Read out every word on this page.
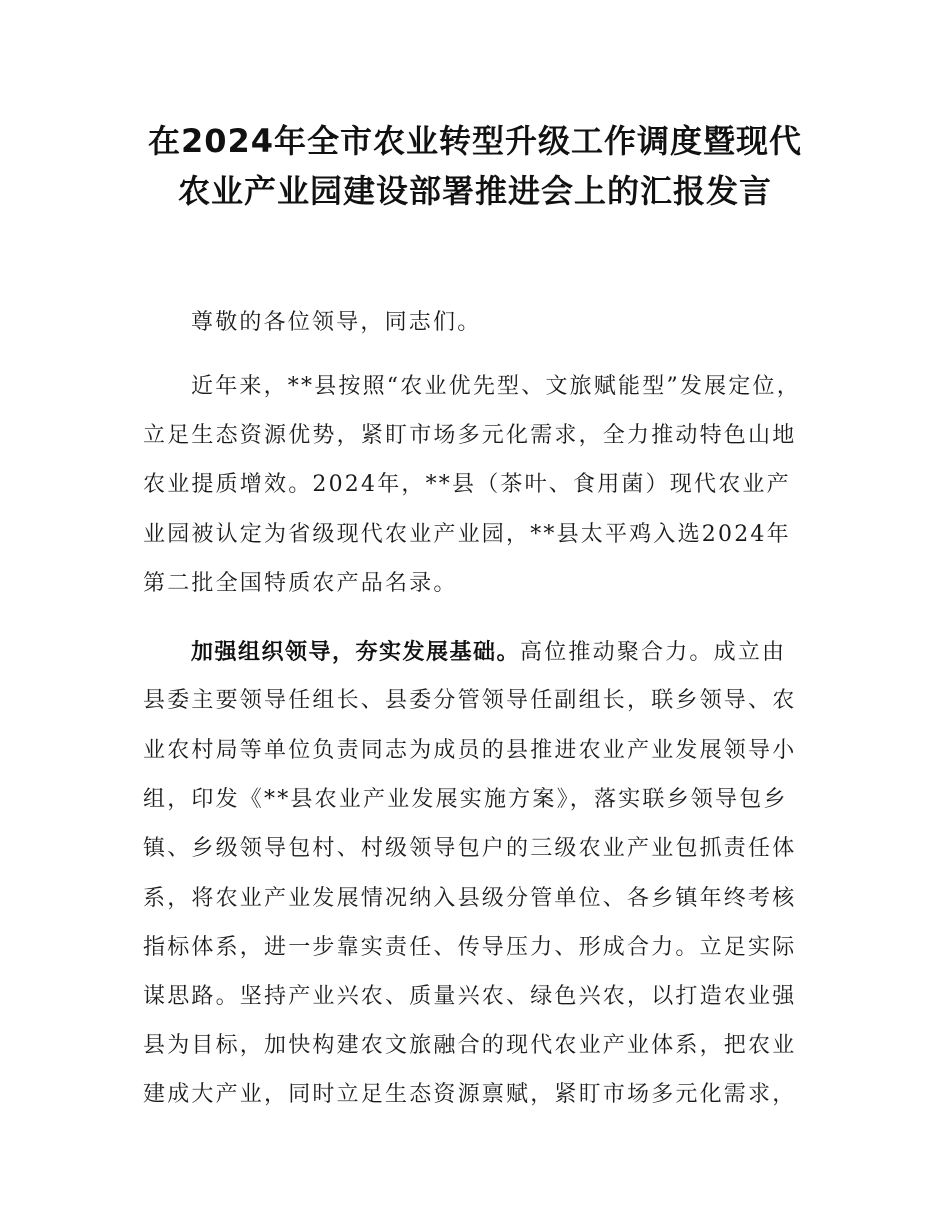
在2024年全市农业转型升级工作调度暨现代
农业产业园建设部署推进会上的汇报发言
尊敬的各位领导，同志们。
近年来，**县按照“农业优先型、文旅赋能型”发展定位，
立足生态资源优势，紧盯市场多元化需求，全力推动特色山地
农业提质增效。2024年，**县（茶叶、食用菌）现代农业产
业园被认定为省级现代农业产业园，**县太平鸡入选2024年
第二批全国特质农产品名录。
加强组织领导，夯实发展基础。高位推动聚合力。成立由
县委主要领导任组长、县委分管领导任副组长，联乡领导、农
业农村局等单位负责同志为成员的县推进农业产业发展领导小
组，印发《**县农业产业发展实施方案》，落实联乡领导包乡
镇、乡级领导包村、村级领导包户的三级农业产业包抓责任体
系，将农业产业发展情况纳入县级分管单位、各乡镇年终考核
指标体系，进一步靠实责任、传导压力、形成合力。立足实际
谋思路。坚持产业兴农、质量兴农、绿色兴农，以打造农业强
县为目标，加快构建农文旅融合的现代农业产业体系，把农业
建成大产业，同时立足生态资源禀赋，紧盯市场多元化需求，
